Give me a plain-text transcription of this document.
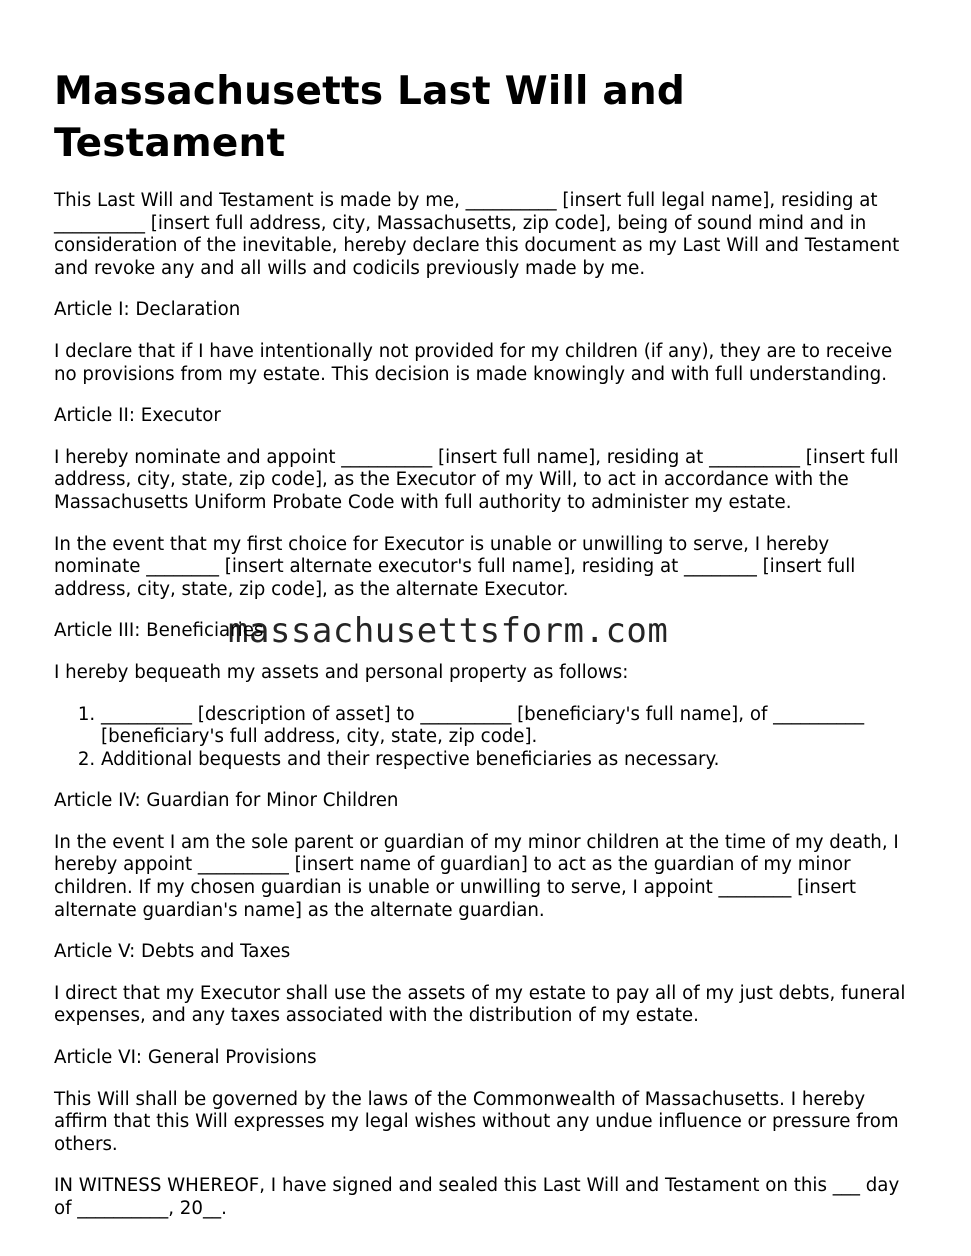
Massachusetts Last Will and Testament

This Last Will and Testament is made by me, __________ [insert full legal name], residing at __________ [insert full address, city, Massachusetts, zip code], being of sound mind and in consideration of the inevitable, hereby declare this document as my Last Will and Testament and revoke any and all wills and codicils previously made by me.

Article I: Declaration

I declare that if I have intentionally not provided for my children (if any), they are to receive no provisions from my estate. This decision is made knowingly and with full understanding.

Article II: Executor

I hereby nominate and appoint __________ [insert full name], residing at __________ [insert full address, city, state, zip code], as the Executor of my Will, to act in accordance with the Massachusetts Uniform Probate Code with full authority to administer my estate.

In the event that my first choice for Executor is unable or unwilling to serve, I hereby nominate ________ [insert alternate executor's full name], residing at ________ [insert full address, city, state, zip code], as the alternate Executor.

Article III: Beneficiaries

I hereby bequeath my assets and personal property as follows:

1. __________ [description of asset] to __________ [beneficiary's full name], of __________ [beneficiary's full address, city, state, zip code].
2. Additional bequests and their respective beneficiaries as necessary.

Article IV: Guardian for Minor Children

In the event I am the sole parent or guardian of my minor children at the time of my death, I hereby appoint __________ [insert name of guardian] to act as the guardian of my minor children. If my chosen guardian is unable or unwilling to serve, I appoint ________ [insert alternate guardian's name] as the alternate guardian.

Article V: Debts and Taxes

I direct that my Executor shall use the assets of my estate to pay all of my just debts, funeral expenses, and any taxes associated with the distribution of my estate.

Article VI: General Provisions

This Will shall be governed by the laws of the Commonwealth of Massachusetts. I hereby affirm that this Will expresses my legal wishes without any undue influence or pressure from others.

IN WITNESS WHEREOF, I have signed and sealed this Last Will and Testament on this ___ day of __________, 20__.

massachusettsform.com
